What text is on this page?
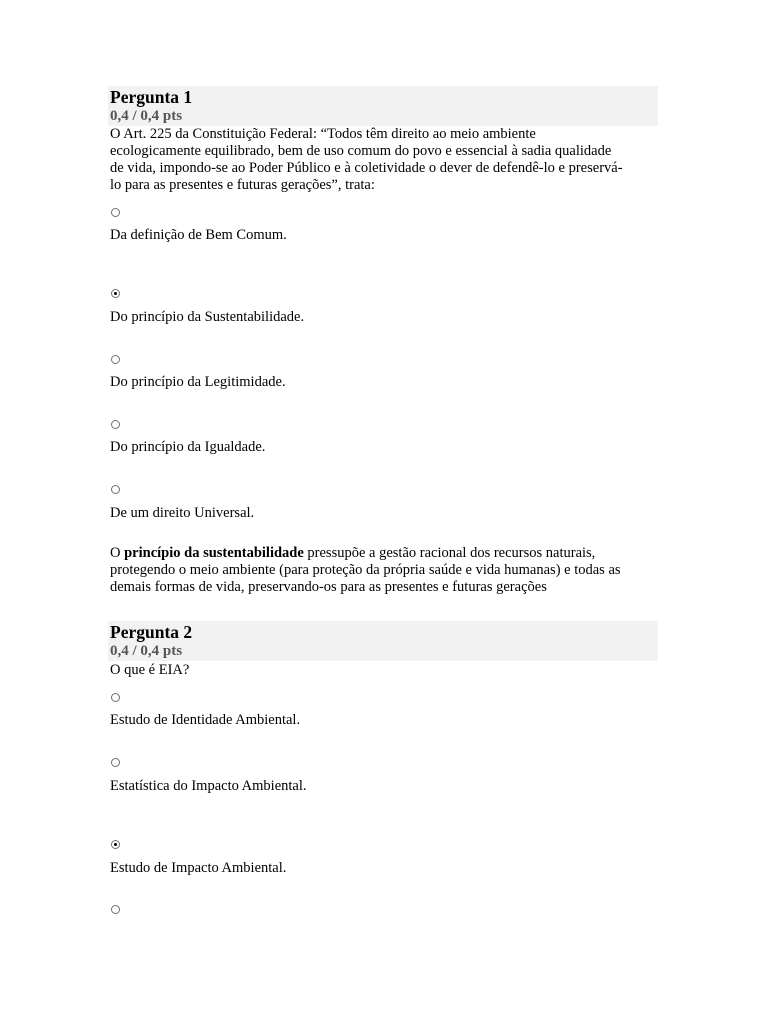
Pergunta 1
0,4 / 0,4 pts
O Art. 225 da Constituição Federal: “Todos têm direito ao meio ambiente
ecologicamente equilibrado, bem de uso comum do povo e essencial à sadia qualidade
de vida, impondo-se ao Poder Público e à coletividade o dever de defendê-lo e preservá-
lo para as presentes e futuras gerações”, trata:
Da definição de Bem Comum.
Do princípio da Sustentabilidade.
Do princípio da Legitimidade.
Do princípio da Igualdade.
De um direito Universal.
O princípio da sustentabilidade pressupõe a gestão racional dos recursos naturais,
protegendo o meio ambiente (para proteção da própria saúde e vida humanas) e todas as
demais formas de vida, preservando-os para as presentes e futuras gerações
Pergunta 2
0,4 / 0,4 pts
O que é EIA?
Estudo de Identidade Ambiental.
Estatística do Impacto Ambiental.
Estudo de Impacto Ambiental.
